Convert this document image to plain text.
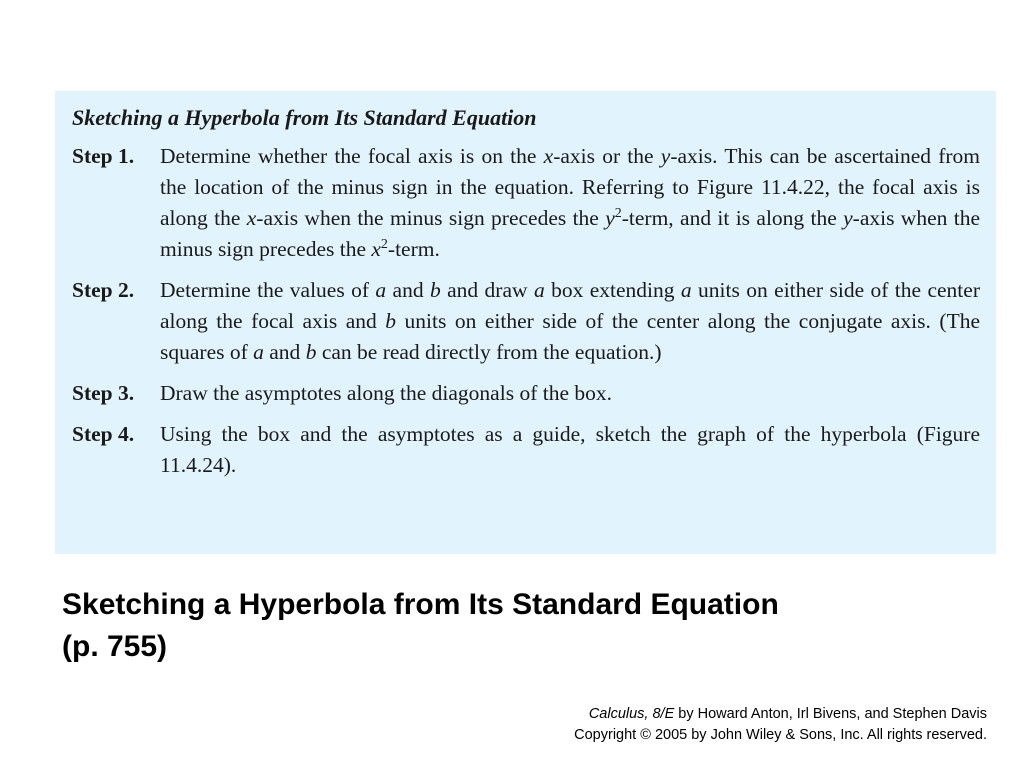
Sketching a Hyperbola from Its Standard Equation
Step 1.	Determine whether the focal axis is on the x-axis or the y-axis. This can be ascertained from the location of the minus sign in the equation. Referring to Figure 11.4.22, the focal axis is along the x-axis when the minus sign precedes the $y^2$-term, and it is along the y-axis when the minus sign precedes the $x^2$-term.
Step 2.	Determine the values of a and b and draw a box extending a units on either side of the center along the focal axis and b units on either side of the center along the conjugate axis. (The squares of a and b can be read directly from the equation.)
Step 3.	Draw the asymptotes along the diagonals of the box.
Step 4.	Using the box and the asymptotes as a guide, sketch the graph of the hyperbola (Figure 11.4.24).
Sketching a Hyperbola from Its Standard Equation
(p. 755)
Calculus, 8/E by Howard Anton, Irl Bivens, and Stephen Davis
Copyright © 2005 by John Wiley & Sons, Inc. All rights reserved.
